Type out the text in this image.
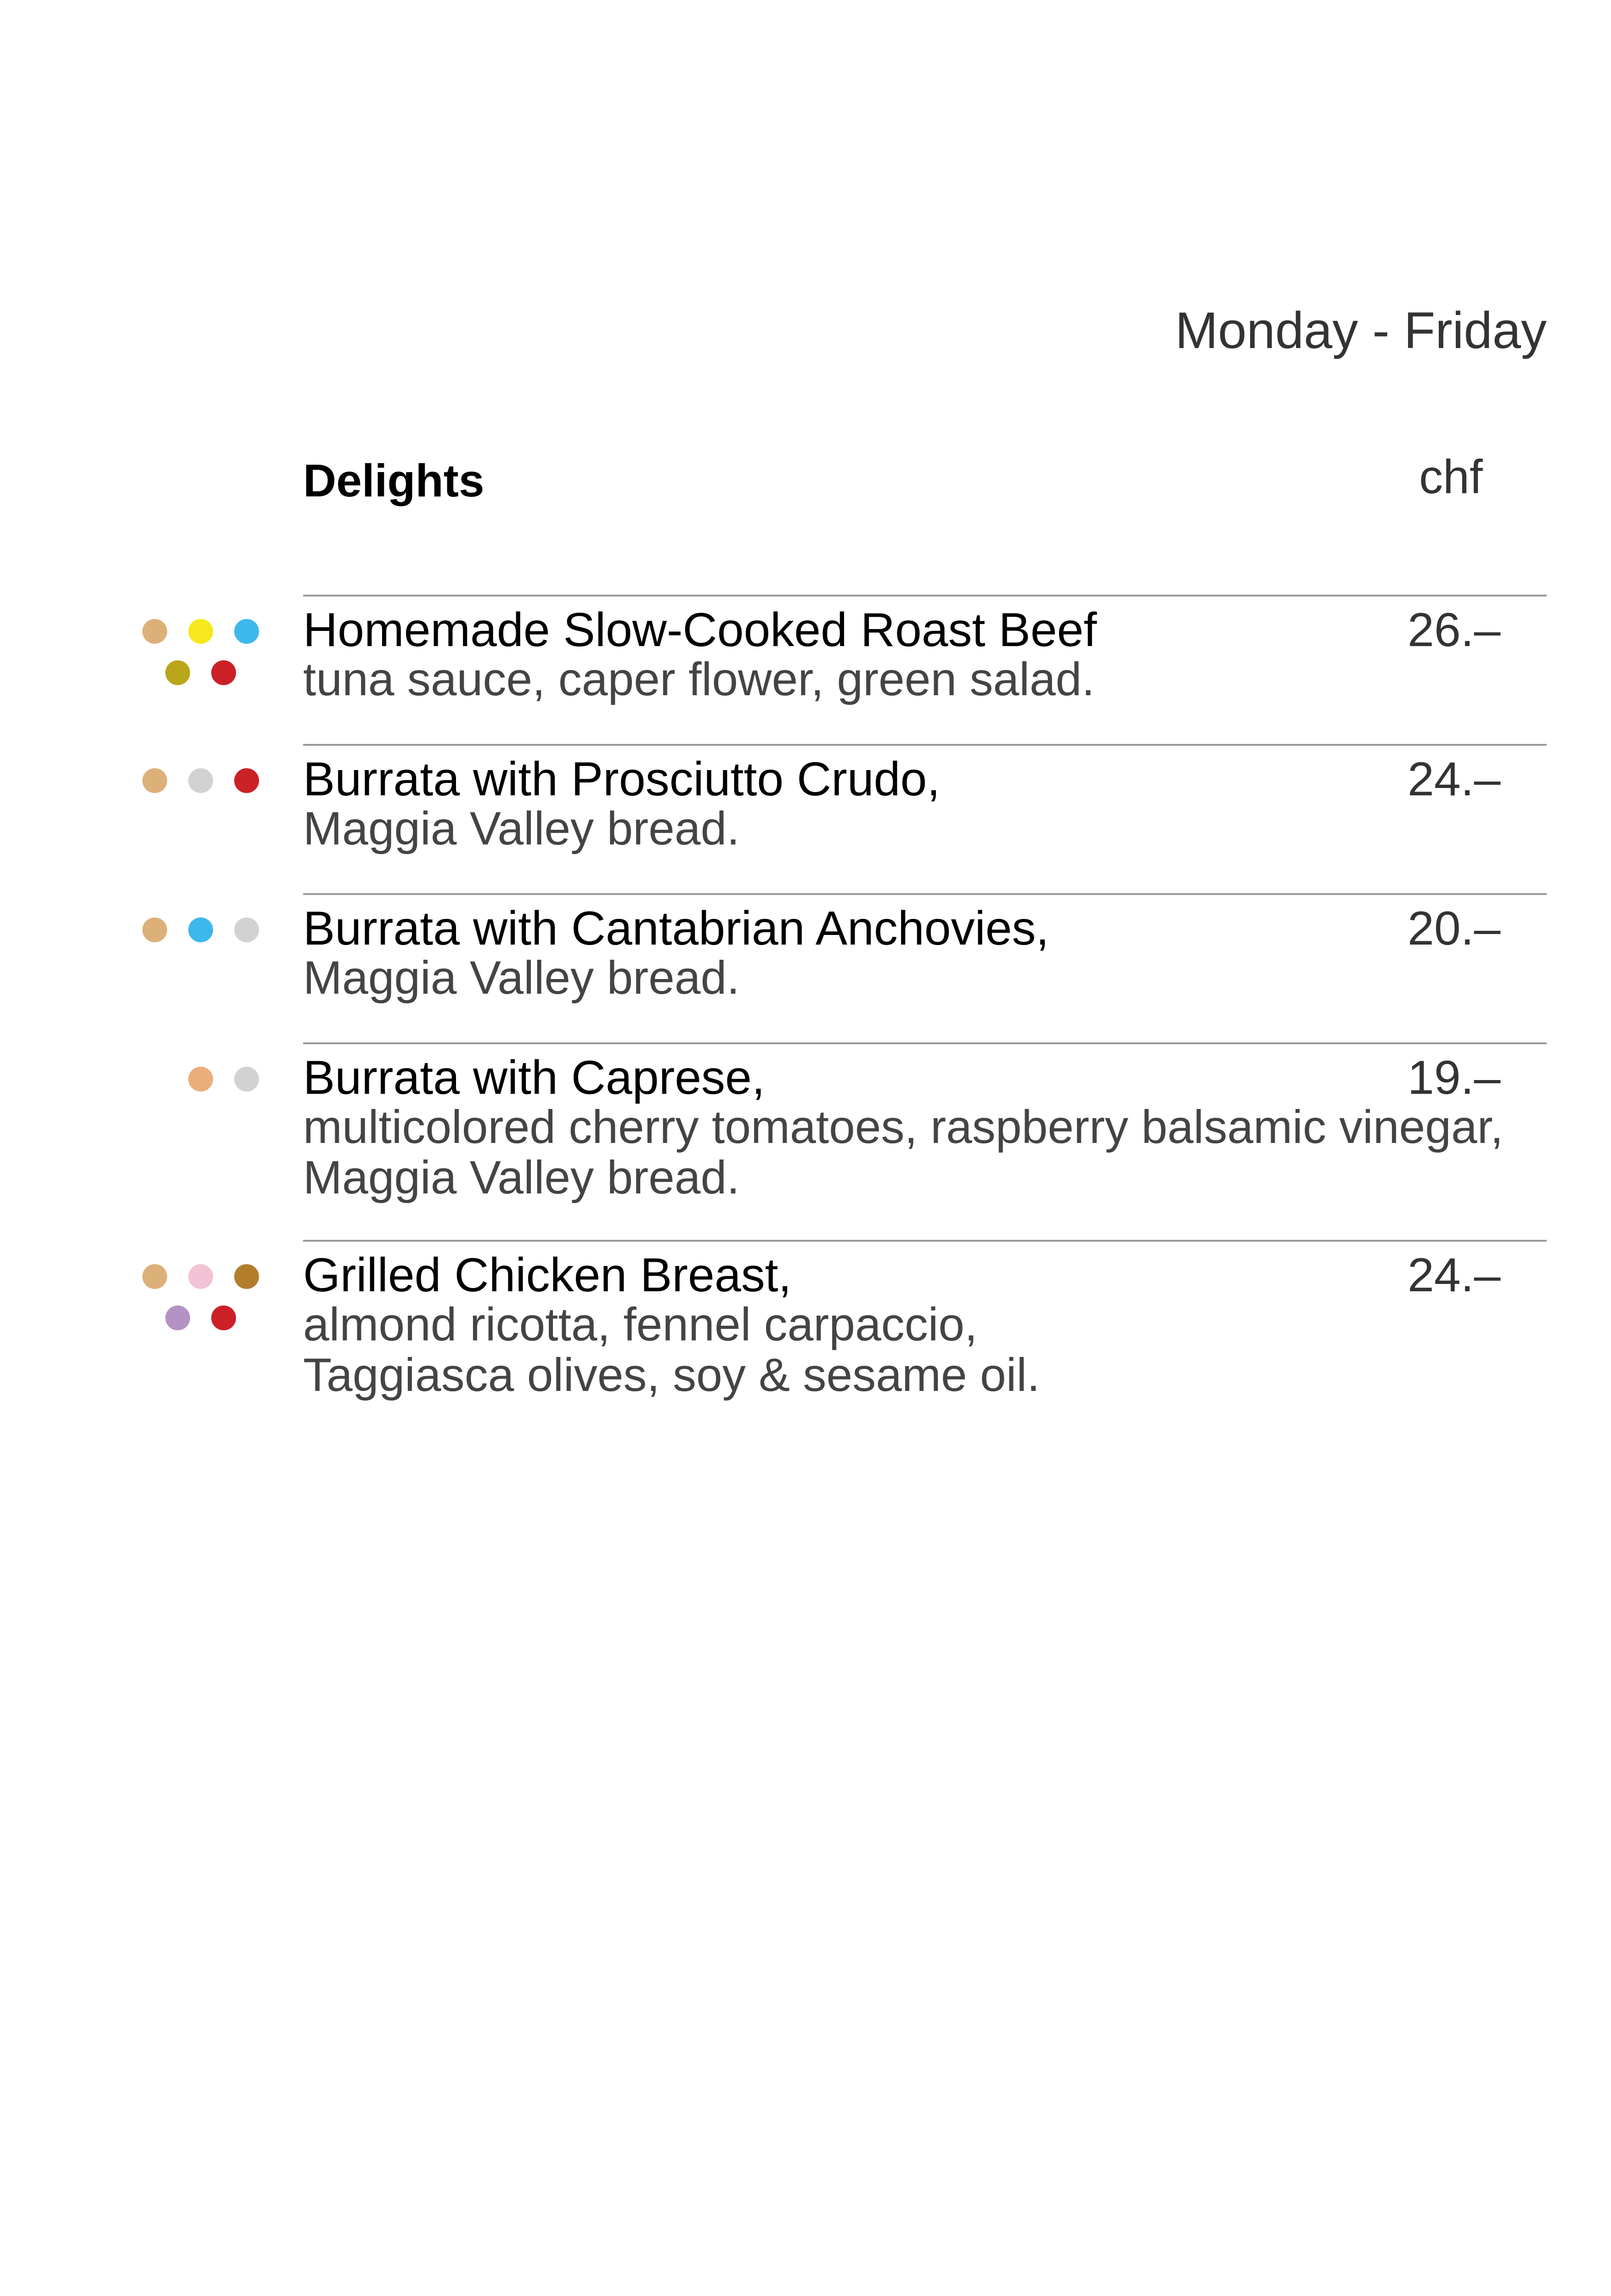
Monday - Friday
Delights	chf
Homemade Slow-Cooked Roast Beef
tuna sauce, caper flower, green salad.
26.–
Burrata with Prosciutto Crudo,
Maggia Valley bread.
24.–
Burrata with Cantabrian Anchovies,
Maggia Valley bread.
20.–
Burrata with Caprese,
multicolored cherry tomatoes, raspberry balsamic vinegar,
Maggia Valley bread.
19.–
Grilled Chicken Breast,
almond ricotta, fennel carpaccio,
Taggiasca olives, soy & sesame oil.
24.–
